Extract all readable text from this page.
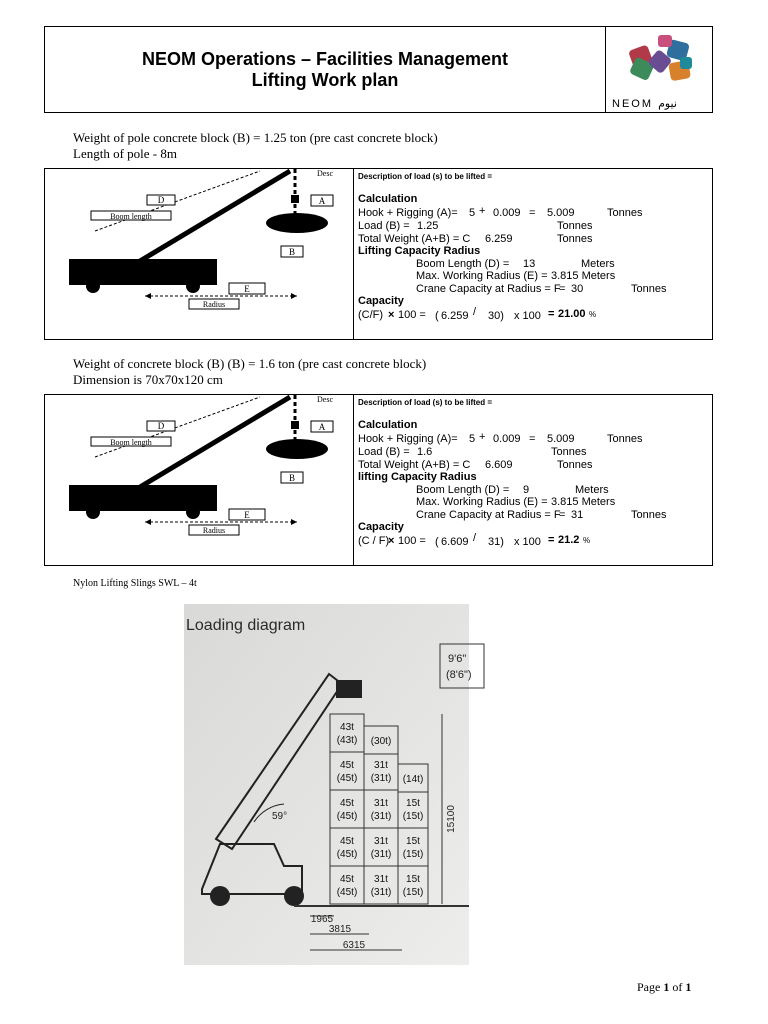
NEOM Operations – Facilities Management
Lifting Work plan
NEOM نيوم
Weight of pole concrete block (B) = 1.25 ton (pre cast concrete block)
Length of pole - 8m
D
Boom length
A
B
Desc
E
Radius
Description of load (s) to be lifted =
Calculation
Hook + Rigging (A)= 5 + 0.009 = 5.009	Tonnes
Load (B) = 1.25	Tonnes
Total Weight (A+B) = C 6.259	Tonnes
Lifting Capacity Radius
Boom Length (D) = 13	Meters
Max. Working Radius (E) = 3.815 Meters
Crane Capacity at Radius = F
= 30	Tonnes
Capacity
(C/F) × 100 = ( 6.259 / 30) x 100 = 21.00 %
Weight of concrete block (B) (B) = 1.6 ton (pre cast concrete block)
Dimension is 70x70x120 cm
D
Boom length
A
B
Desc
E
Radius
Description of load (s) to be lifted =
Calculation
Hook + Rigging (A)= 5 + 0.009 = 5.009	Tonnes
Load (B) = 1.6	Tonnes
Total Weight (A+B) = C 6.609	Tonnes
lifting Capacity Radius
Boom Length (D) = 9	Meters
Max. Working Radius (E) = 3.815 Meters
Crane Capacity at Radius = F
= 31	Tonnes
Capacity
(C / F)
× 100 = ( 6.609 / 31) x 100 = 21.2 %
Nylon Lifting Slings SWL – 4t
Loading diagram
9'6"
(8'6")
59°
43t
(43t)
45t
(45t)
45t
(45t)
45t
(45t)
45t
(45t)
(30t)
31t
(31t)
31t
(31t)
31t
(31t)
31t
(31t)
(14t)
15t
(15t)
15t
(15t)
15t
(15t)
15100
1965
3815
6315
Page 1 of 1
